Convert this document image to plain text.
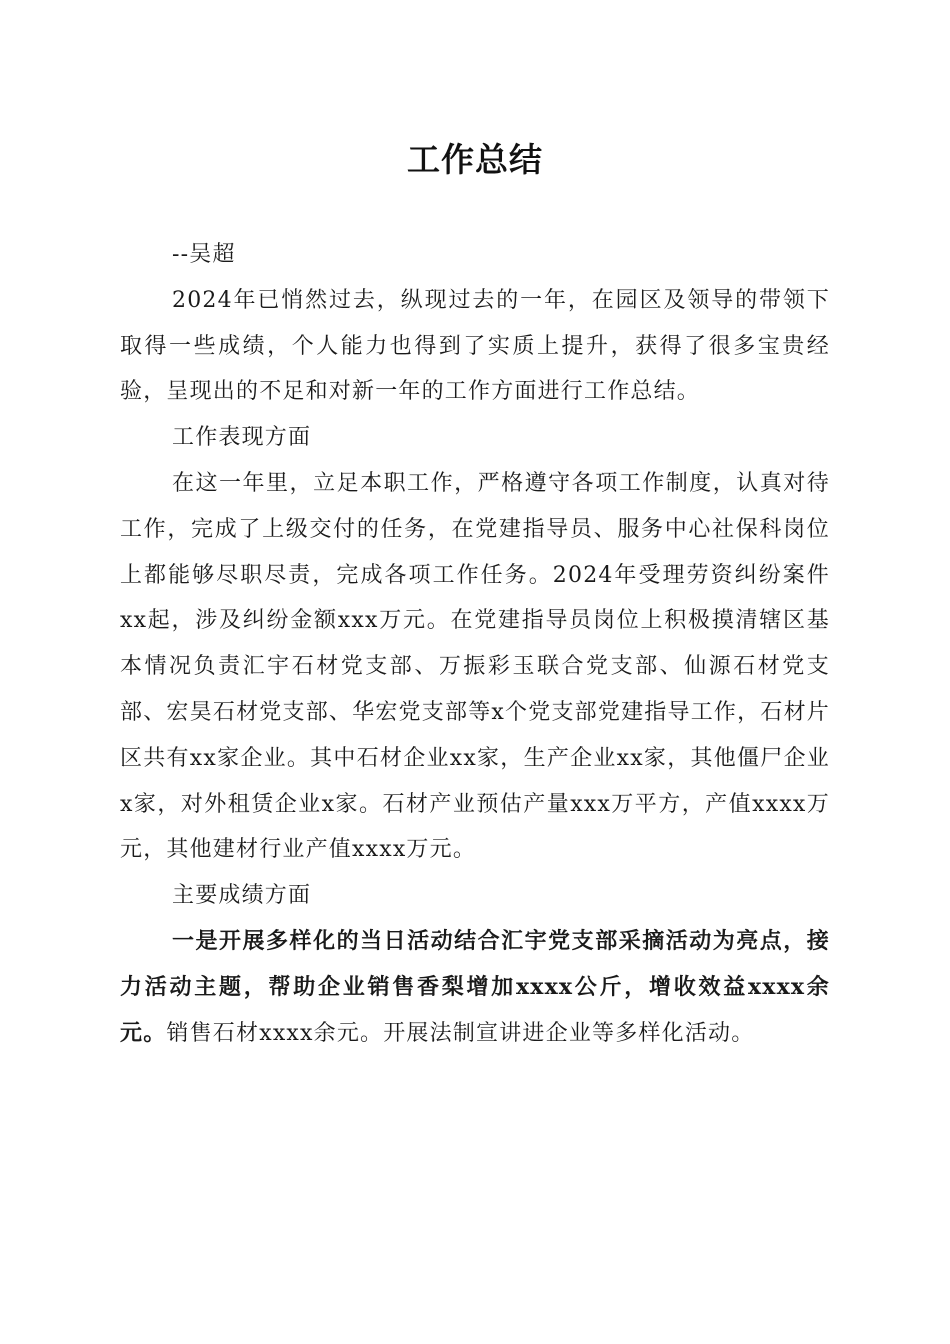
工作总结

--吴超

2024年已悄然过去，纵现过去的一年，在园区及领导的带领下取得一些成绩，个人能力也得到了实质上提升，获得了很多宝贵经验，呈现出的不足和对新一年的工作方面进行工作总结。

工作表现方面

在这一年里，立足本职工作，严格遵守各项工作制度，认真对待工作，完成了上级交付的任务，在党建指导员、服务中心社保科岗位上都能够尽职尽责，完成各项工作任务。2024年受理劳资纠纷案件xx起，涉及纠纷金额xxx万元。在党建指导员岗位上积极摸清辖区基本情况负责汇宇石材党支部、万振彩玉联合党支部、仙源石材党支部、宏昊石材党支部、华宏党支部等x个党支部党建指导工作，石材片区共有xx家企业。其中石材企业xx家，生产企业xx家，其他僵尸企业x家，对外租赁企业x家。石材产业预估产量xxx万平方，产值xxxx万元，其他建材行业产值xxxx万元。

主要成绩方面

一是开展多样化的当日活动结合汇宇党支部采摘活动为亮点，接力活动主题，帮助企业销售香梨增加xxxx公斤，增收效益xxxx余元。销售石材xxxx余元。开展法制宣讲进企业等多样化活动。
